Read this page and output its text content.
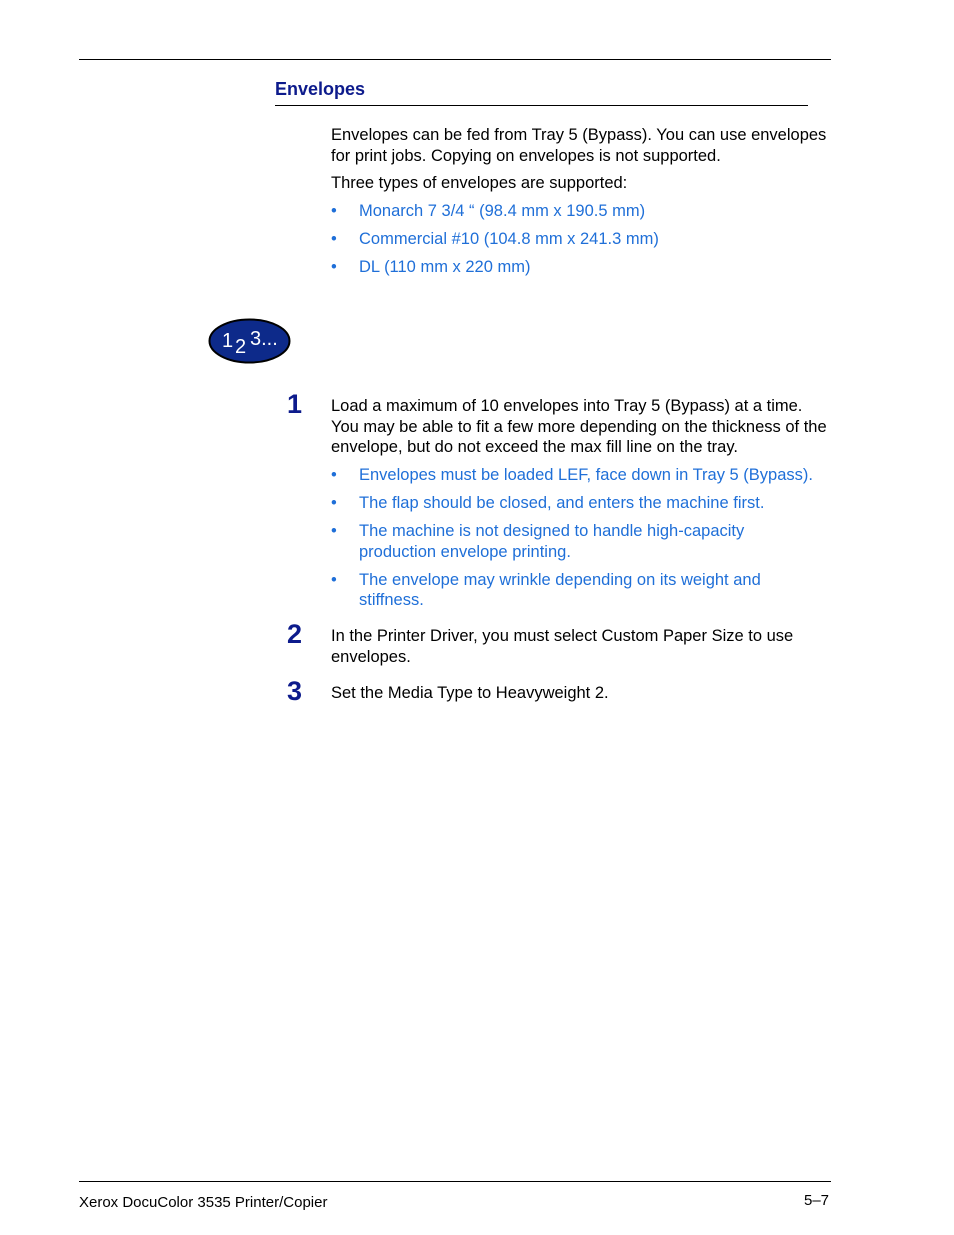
Envelopes

Envelopes can be fed from Tray 5 (Bypass). You can use envelopes for print jobs. Copying on envelopes is not supported.

Three types of envelopes are supported:

• Monarch 7 3/4 “ (98.4 mm x 190.5 mm)
• Commercial #10 (104.8 mm x 241.3 mm)
• DL (110 mm x 220 mm)
1 2 3...
1 Load a maximum of 10 envelopes into Tray 5 (Bypass) at a time. You may be able to fit a few more depending on the thickness of the envelope, but do not exceed the max fill line on the tray.

• Envelopes must be loaded LEF, face down in Tray 5 (Bypass).
• The flap should be closed, and enters the machine first.
• The machine is not designed to handle high-capacity production envelope printing.
• The envelope may wrinkle depending on its weight and stiffness.
2 In the Printer Driver, you must select Custom Paper Size to use envelopes.

3 Set the Media Type to Heavyweight 2.

Xerox DocuColor 3535 Printer/Copier	5–7
